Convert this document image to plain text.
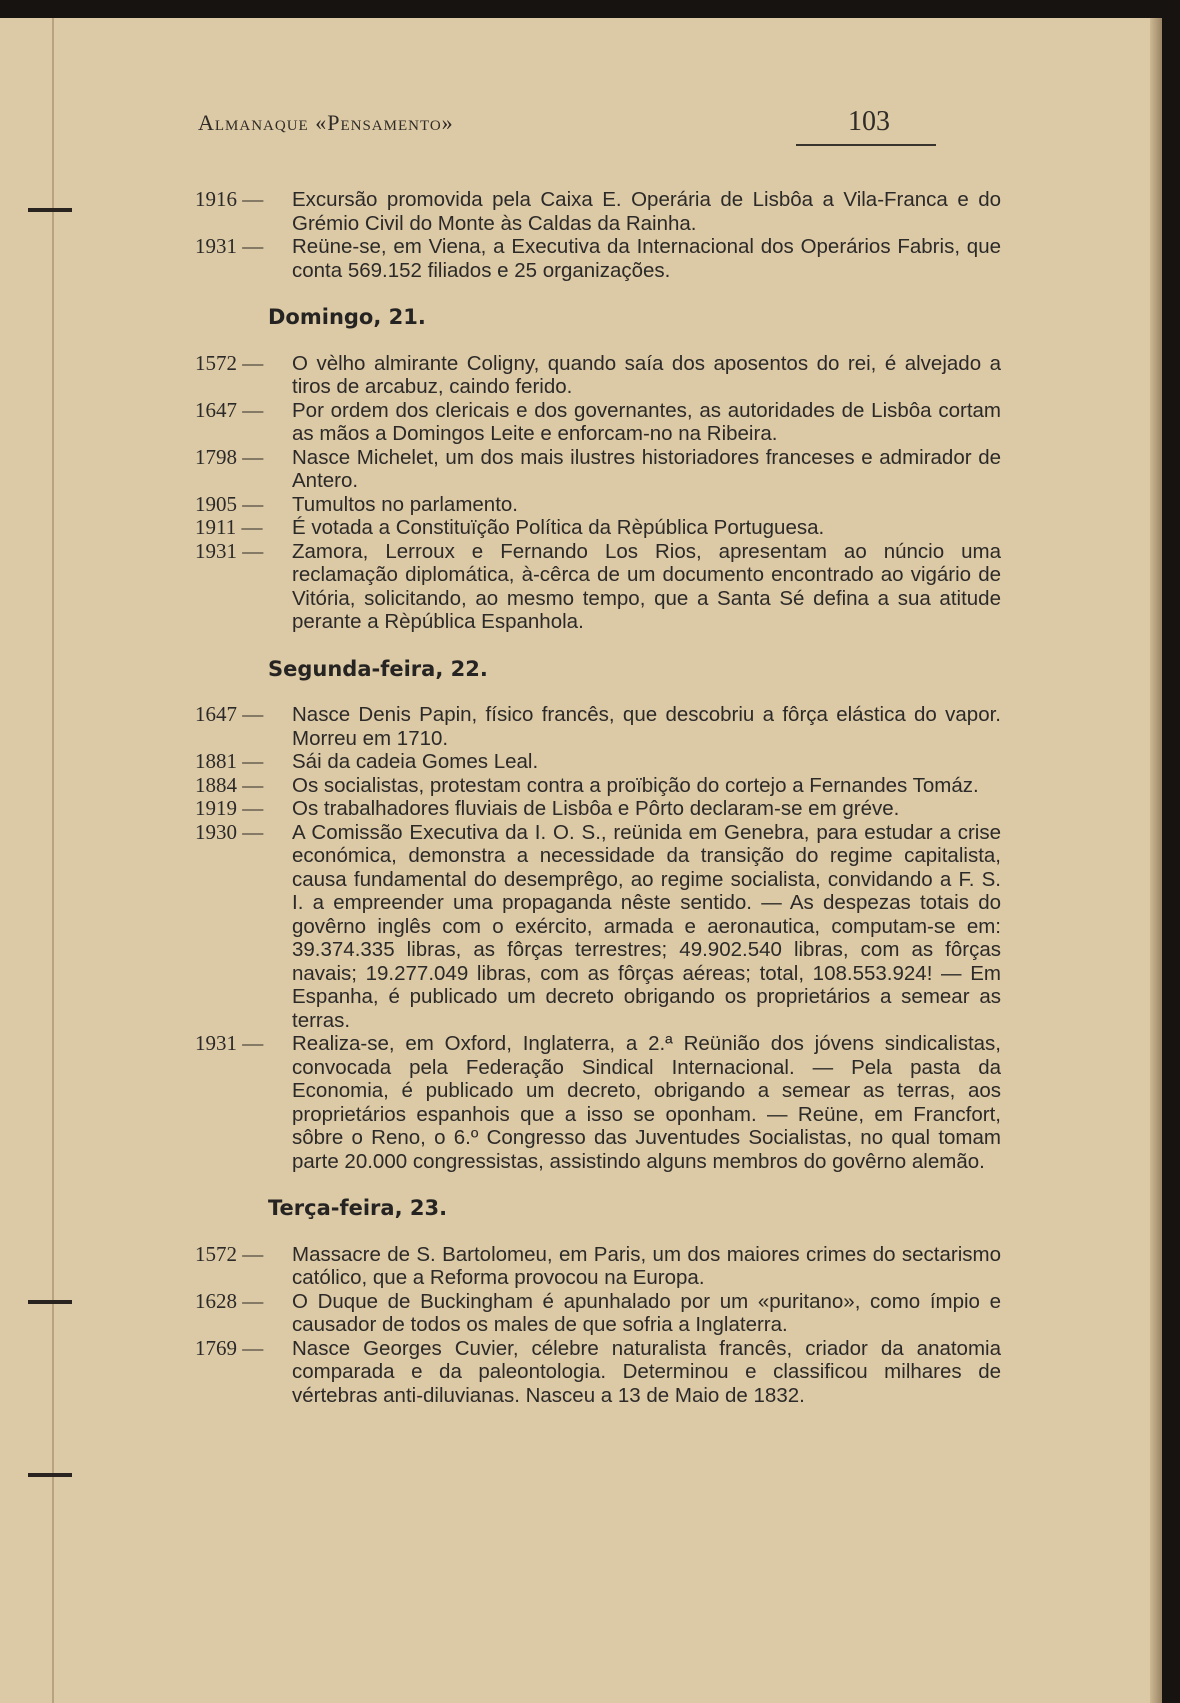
Almanaque «Pensamento»	103
1916 —	Excursão promovida pela Caixa E. Operária de Lisbôa a Vila-Franca e do Grémio Civil do Monte às Caldas da Rainha.
1931 —	Reüne-se, em Viena, a Executiva da Internacional dos Operários Fabris, que conta 569.152 filiados e 25 organizações.
Domingo, 21.
1572 —	O vèlho almirante Coligny, quando saía dos aposentos do rei, é alvejado a tiros de arcabuz, caindo ferido.
1647 —	Por ordem dos clericais e dos governantes, as autoridades de Lisbôa cortam as mãos a Domingos Leite e enforcam-no na Ribeira.
1798 —	Nasce Michelet, um dos mais ilustres historiadores franceses e admirador de Antero.
1905 —	Tumultos no parlamento.
1911 —	É votada a Constituïção Política da Rèpública Portuguesa.
1931 —	Zamora, Lerroux e Fernando Los Rios, apresentam ao núncio uma reclamação diplomática, à-cêrca de um documento encontrado ao vigário de Vitória, solicitando, ao mesmo tempo, que a Santa Sé defina a sua atitude perante a Rèpública Espanhola.
Segunda-feira, 22.
1647 —	Nasce Denis Papin, físico francês, que descobriu a fôrça elástica do vapor. Morreu em 1710.
1881 —	Sái da cadeia Gomes Leal.
1884 —	Os socialistas, protestam contra a proïbição do cortejo a Fernandes Tomáz.
1919 —	Os trabalhadores fluviais de Lisbôa e Pôrto declaram-se em gréve.
1930 —	A Comissão Executiva da I. O. S., reünida em Genebra, para estudar a crise económica, demonstra a necessidade da transição do regime capitalista, causa fundamental do desemprêgo, ao regime socialista, convidando a F. S. I. a empreender uma propaganda nêste sentido. — As despezas totais do govêrno inglês com o exército, armada e aeronautica, computam-se em: 39.374.335 libras, as fôrças terrestres; 49.902.540 libras, com as fôrças navais; 19.277.049 libras, com as fôrças aéreas; total, 108.553.924! — Em Espanha, é publicado um decreto obrigando os proprietários a semear as terras.
1931 —	Realiza-se, em Oxford, Inglaterra, a 2.ª Reünião dos jóvens sindicalistas, convocada pela Federação Sindical Internacional. — Pela pasta da Economia, é publicado um decreto, obrigando a semear as terras, aos proprietários espanhois que a isso se oponham. — Reüne, em Francfort, sôbre o Reno, o 6.º Congresso das Juventudes Socialistas, no qual tomam parte 20.000 congressistas, assistindo alguns membros do govêrno alemão.
Terça-feira, 23.
1572 —	Massacre de S. Bartolomeu, em Paris, um dos maiores crimes do sectarismo católico, que a Reforma provocou na Europa.
1628 —	O Duque de Buckingham é apunhalado por um «puritano», como ímpio e causador de todos os males de que sofria a Inglaterra.
1769 —	Nasce Georges Cuvier, célebre naturalista francês, criador da anatomia comparada e da paleontologia. Determinou e classificou milhares de vértebras anti-diluvianas. Nasceu a 13 de Maio de 1832.
